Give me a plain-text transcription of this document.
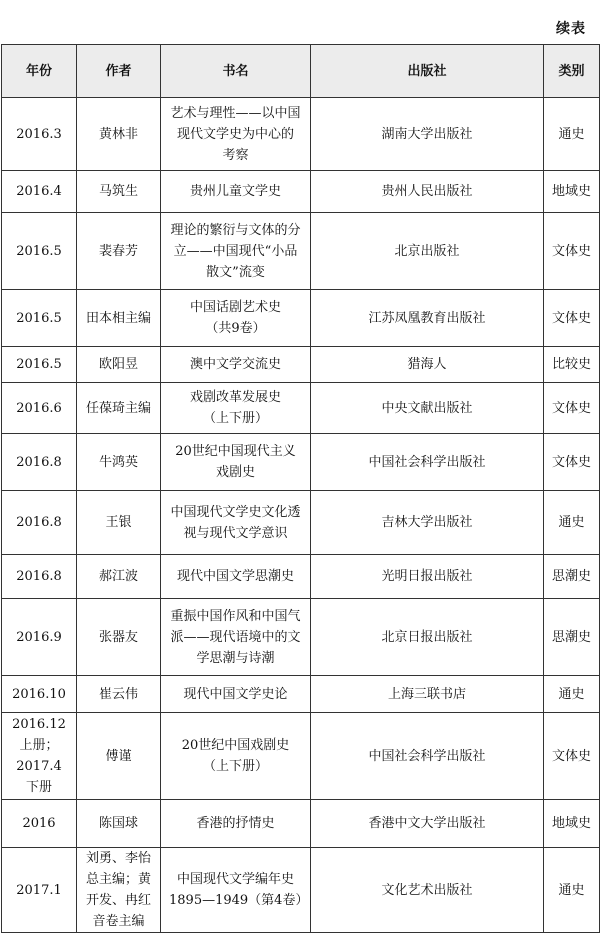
续表
年份	作者	书名	出版社	类别

2016.3	黄林非	艺术与理性——以中国
现代文学史为中心的
考察	湖南大学出版社	通史

2016.4	马筑生	贵州儿童文学史	贵州人民出版社	地域史

2016.5	裴春芳	理论的繁衍与文体的分
立——中国现代“小品
散文”流变	北京出版社	文体史

2016.5	田本相主编	中国话剧艺术史
（共9卷）	江苏凤凰教育出版社	文体史

2016.5	欧阳昱	澳中文学交流史	猎海人	比较史

2016.6	任葆琦主编	戏剧改革发展史
（上下册）	中央文献出版社	文体史

2016.8	牛鸿英	20世纪中国现代主义
戏剧史	中国社会科学出版社	文体史

2016.8	王银	中国现代文学史文化透
视与现代文学意识	吉林大学出版社	通史

2016.8	郝江波	现代中国文学思潮史	光明日报出版社	思潮史

2016.9	张器友	重振中国作风和中国气
派——现代语境中的文
学思潮与诗潮	北京日报出版社	思潮史

2016.10	崔云伟	现代中国文学史论	上海三联书店	通史

2016.12
上册；
2017.4
下册	傅谨	20世纪中国戏剧史
（上下册）	中国社会科学出版社	文体史

2016	陈国球	香港的抒情史	香港中文大学出版社	地域史

2017.1	刘勇、李怡
总主编；黄
开发、冉红
音卷主编	中国现代文学编年史
1895—1949（第4卷）	文化艺术出版社	通史
